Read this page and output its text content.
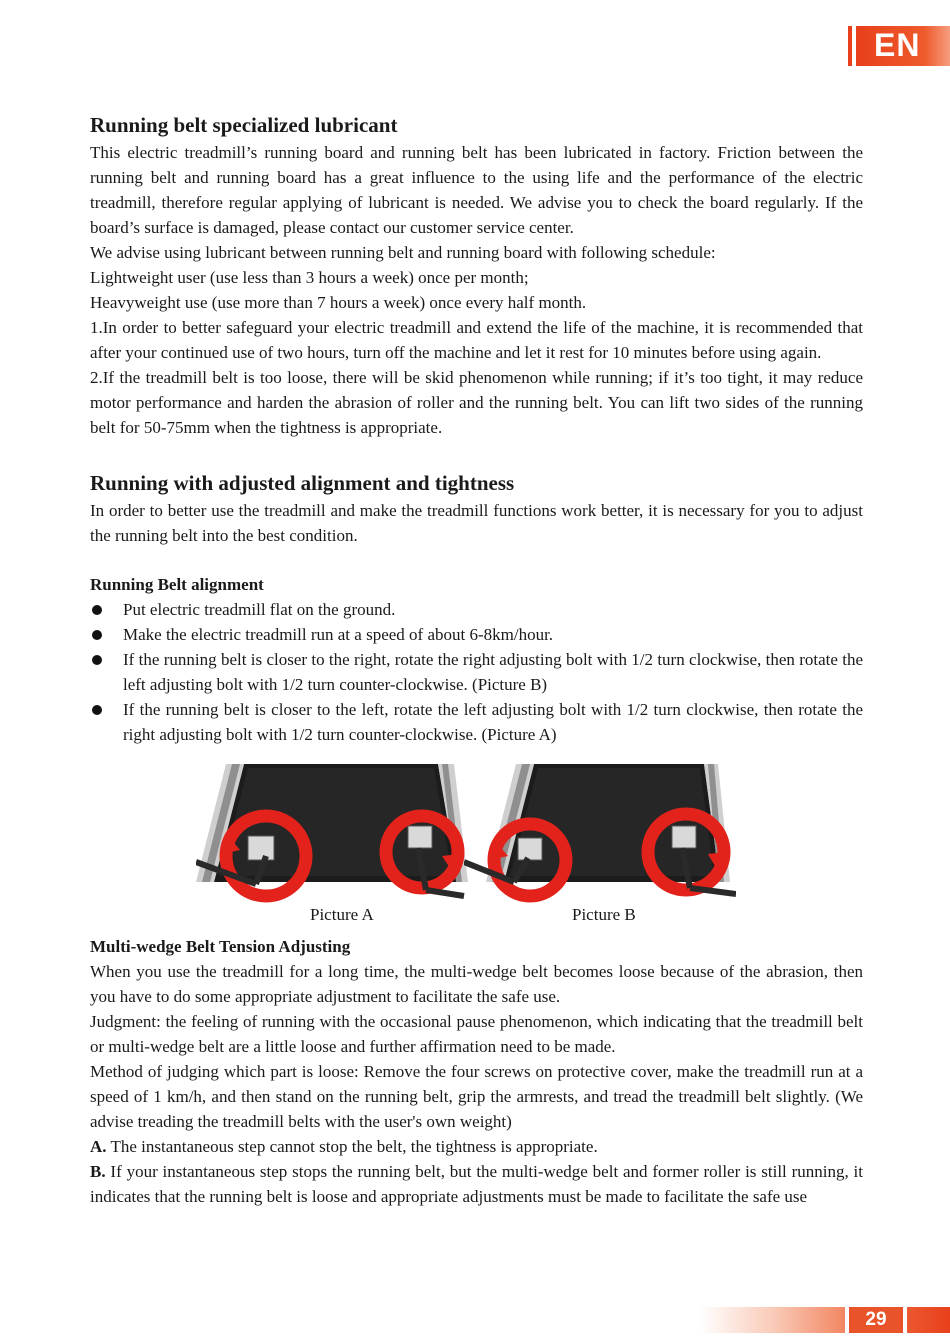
EN
Running belt specialized lubricant

This electric treadmill’s running board and running belt has been lubricated in factory. Friction between the running belt and running board has a great influence to the using life and the performance of the electric treadmill, therefore regular applying of lubricant is needed. We advise you to check the board regularly. If the board’s surface is damaged, please contact our customer service center.

We advise using lubricant between running belt and running board with following schedule:

Lightweight user (use less than 3 hours a week) once per month;

Heavyweight use (use more than 7 hours a week) once every half month.

1.In order to better safeguard your electric treadmill and extend the life of the machine, it is recommended that after your continued use of two hours, turn off the machine and let it rest for 10 minutes before using again.

2.If the treadmill belt is too loose, there will be skid phenomenon while running; if it’s too tight, it may reduce motor performance and harden the abrasion of roller and the running belt. You can lift two sides of the running belt for 50-75mm when the tightness is appropriate.

Running with adjusted alignment and tightness

In order to better use the treadmill and make the treadmill functions work better, it is necessary for you to adjust the running belt into the best condition.

Running Belt alignment
Put electric treadmill flat on the ground.
Make the electric treadmill run at a speed of about 6-8km/hour.
If the running belt is closer to the right, rotate the right adjusting bolt with 1/2 turn clockwise, then rotate the left adjusting bolt with 1/2 turn counter-clockwise. (Picture B)
If the running belt is closer to the left, rotate the left adjusting bolt with 1/2 turn clockwise, then rotate the right adjusting bolt with 1/2 turn counter-clockwise. (Picture A)
Picture A	Picture B
Multi-wedge Belt Tension Adjusting

When you use the treadmill for a long time, the multi-wedge belt becomes loose because of the abrasion, then you have to do some appropriate adjustment to facilitate the safe use.

Judgment: the feeling of running with the occasional pause phenomenon, which indicating that the treadmill belt or multi-wedge belt are a little loose and further affirmation need to be made.

Method of judging which part is loose: Remove the four screws on protective cover, make the treadmill run at a speed of 1 km/h, and then stand on the running belt, grip the armrests, and tread the treadmill belt slightly. (We advise treading the treadmill belts with the user's own weight)

A. The instantaneous step cannot stop the belt, the tightness is appropriate.

B. If your instantaneous step stops the running belt, but the multi-wedge belt and former roller is still running, it indicates that the running belt is loose and appropriate adjustments must be made to facilitate the safe use

29
